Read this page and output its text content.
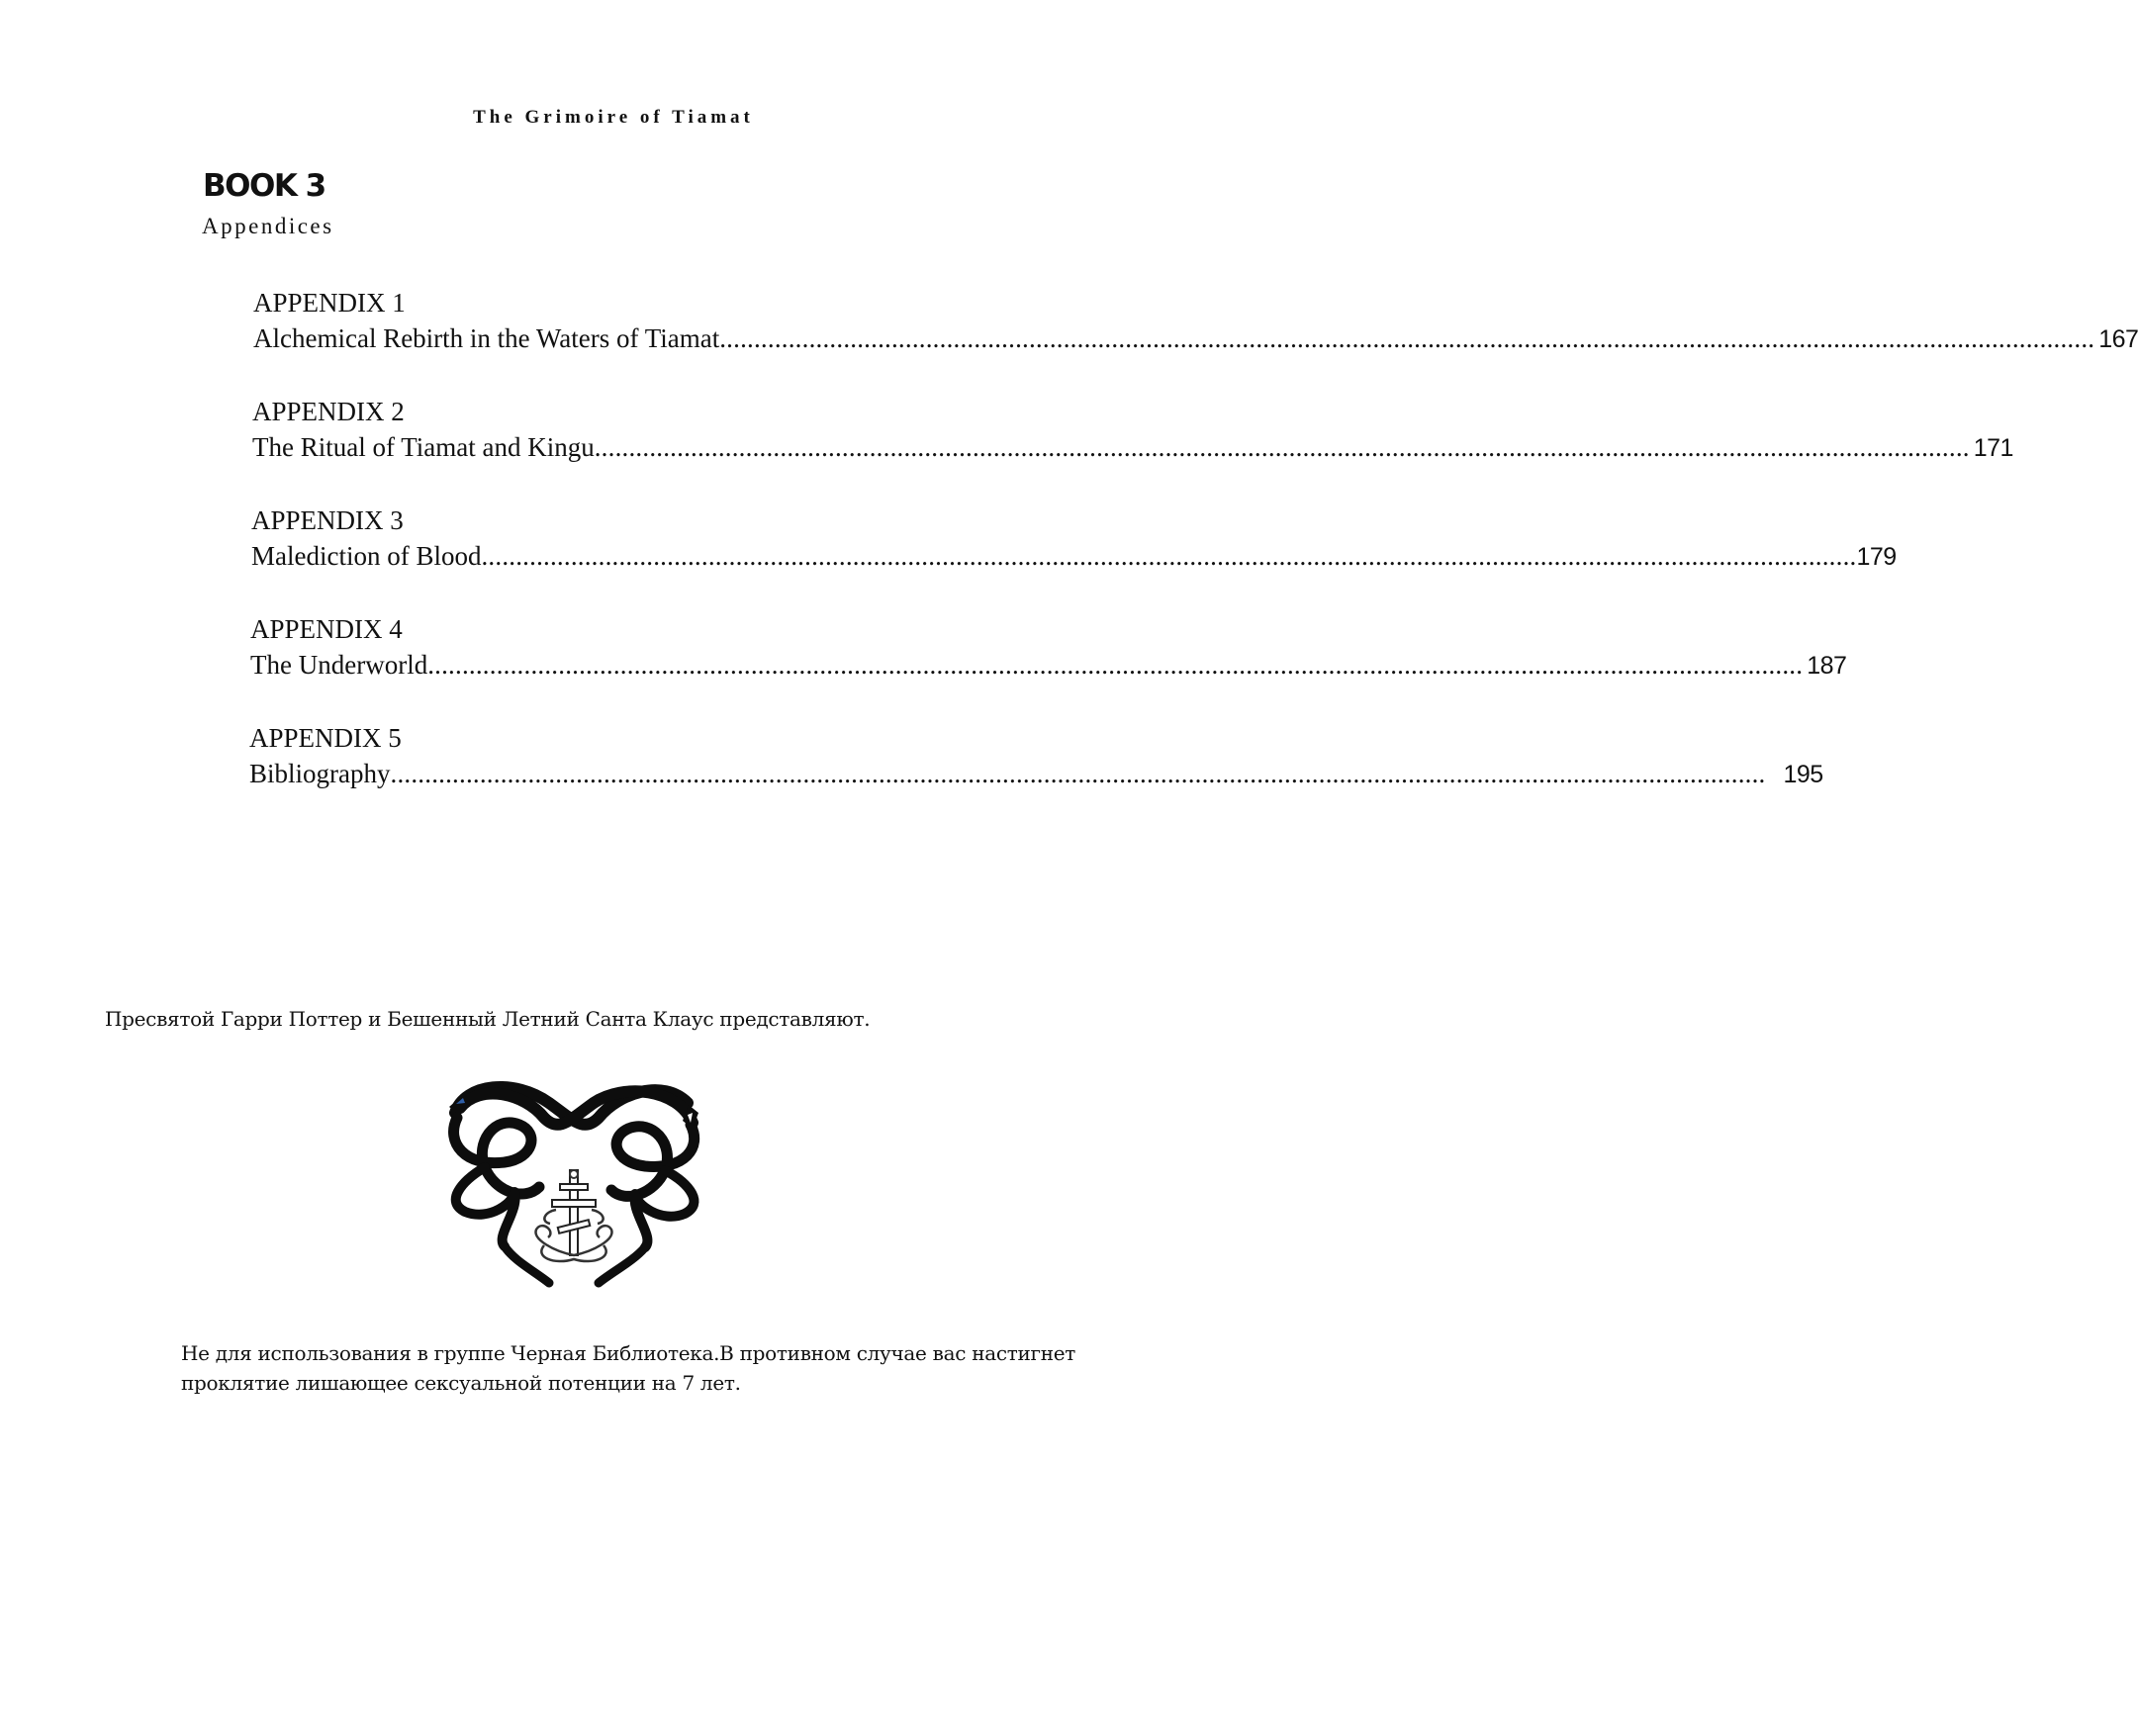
The Grimoire of Tiamat
BOOK 3
Appendices
APPENDIX 1
Alchemical Rebirth in the Waters of Tiamat ........................................................................................................................................................................................................ 167
APPENDIX 2
The Ritual of Tiamat and Kingu ........................................................................................................................................................................................................ 171
APPENDIX 3
Malediction of Blood ........................................................................................................................................................................................................ 179
APPENDIX 4
The Underworld ........................................................................................................................................................................................................ 187
APPENDIX 5
Bibliography ........................................................................................................................................................................................................ 195
Пресвятой Гарри Поттер и Бешенный Летний Санта Клаус представляют.
Не для использования в группе Черная Библиотека.В противном случае вас настигнет проклятие лишающее сексуальной потенции на 7 лет.
